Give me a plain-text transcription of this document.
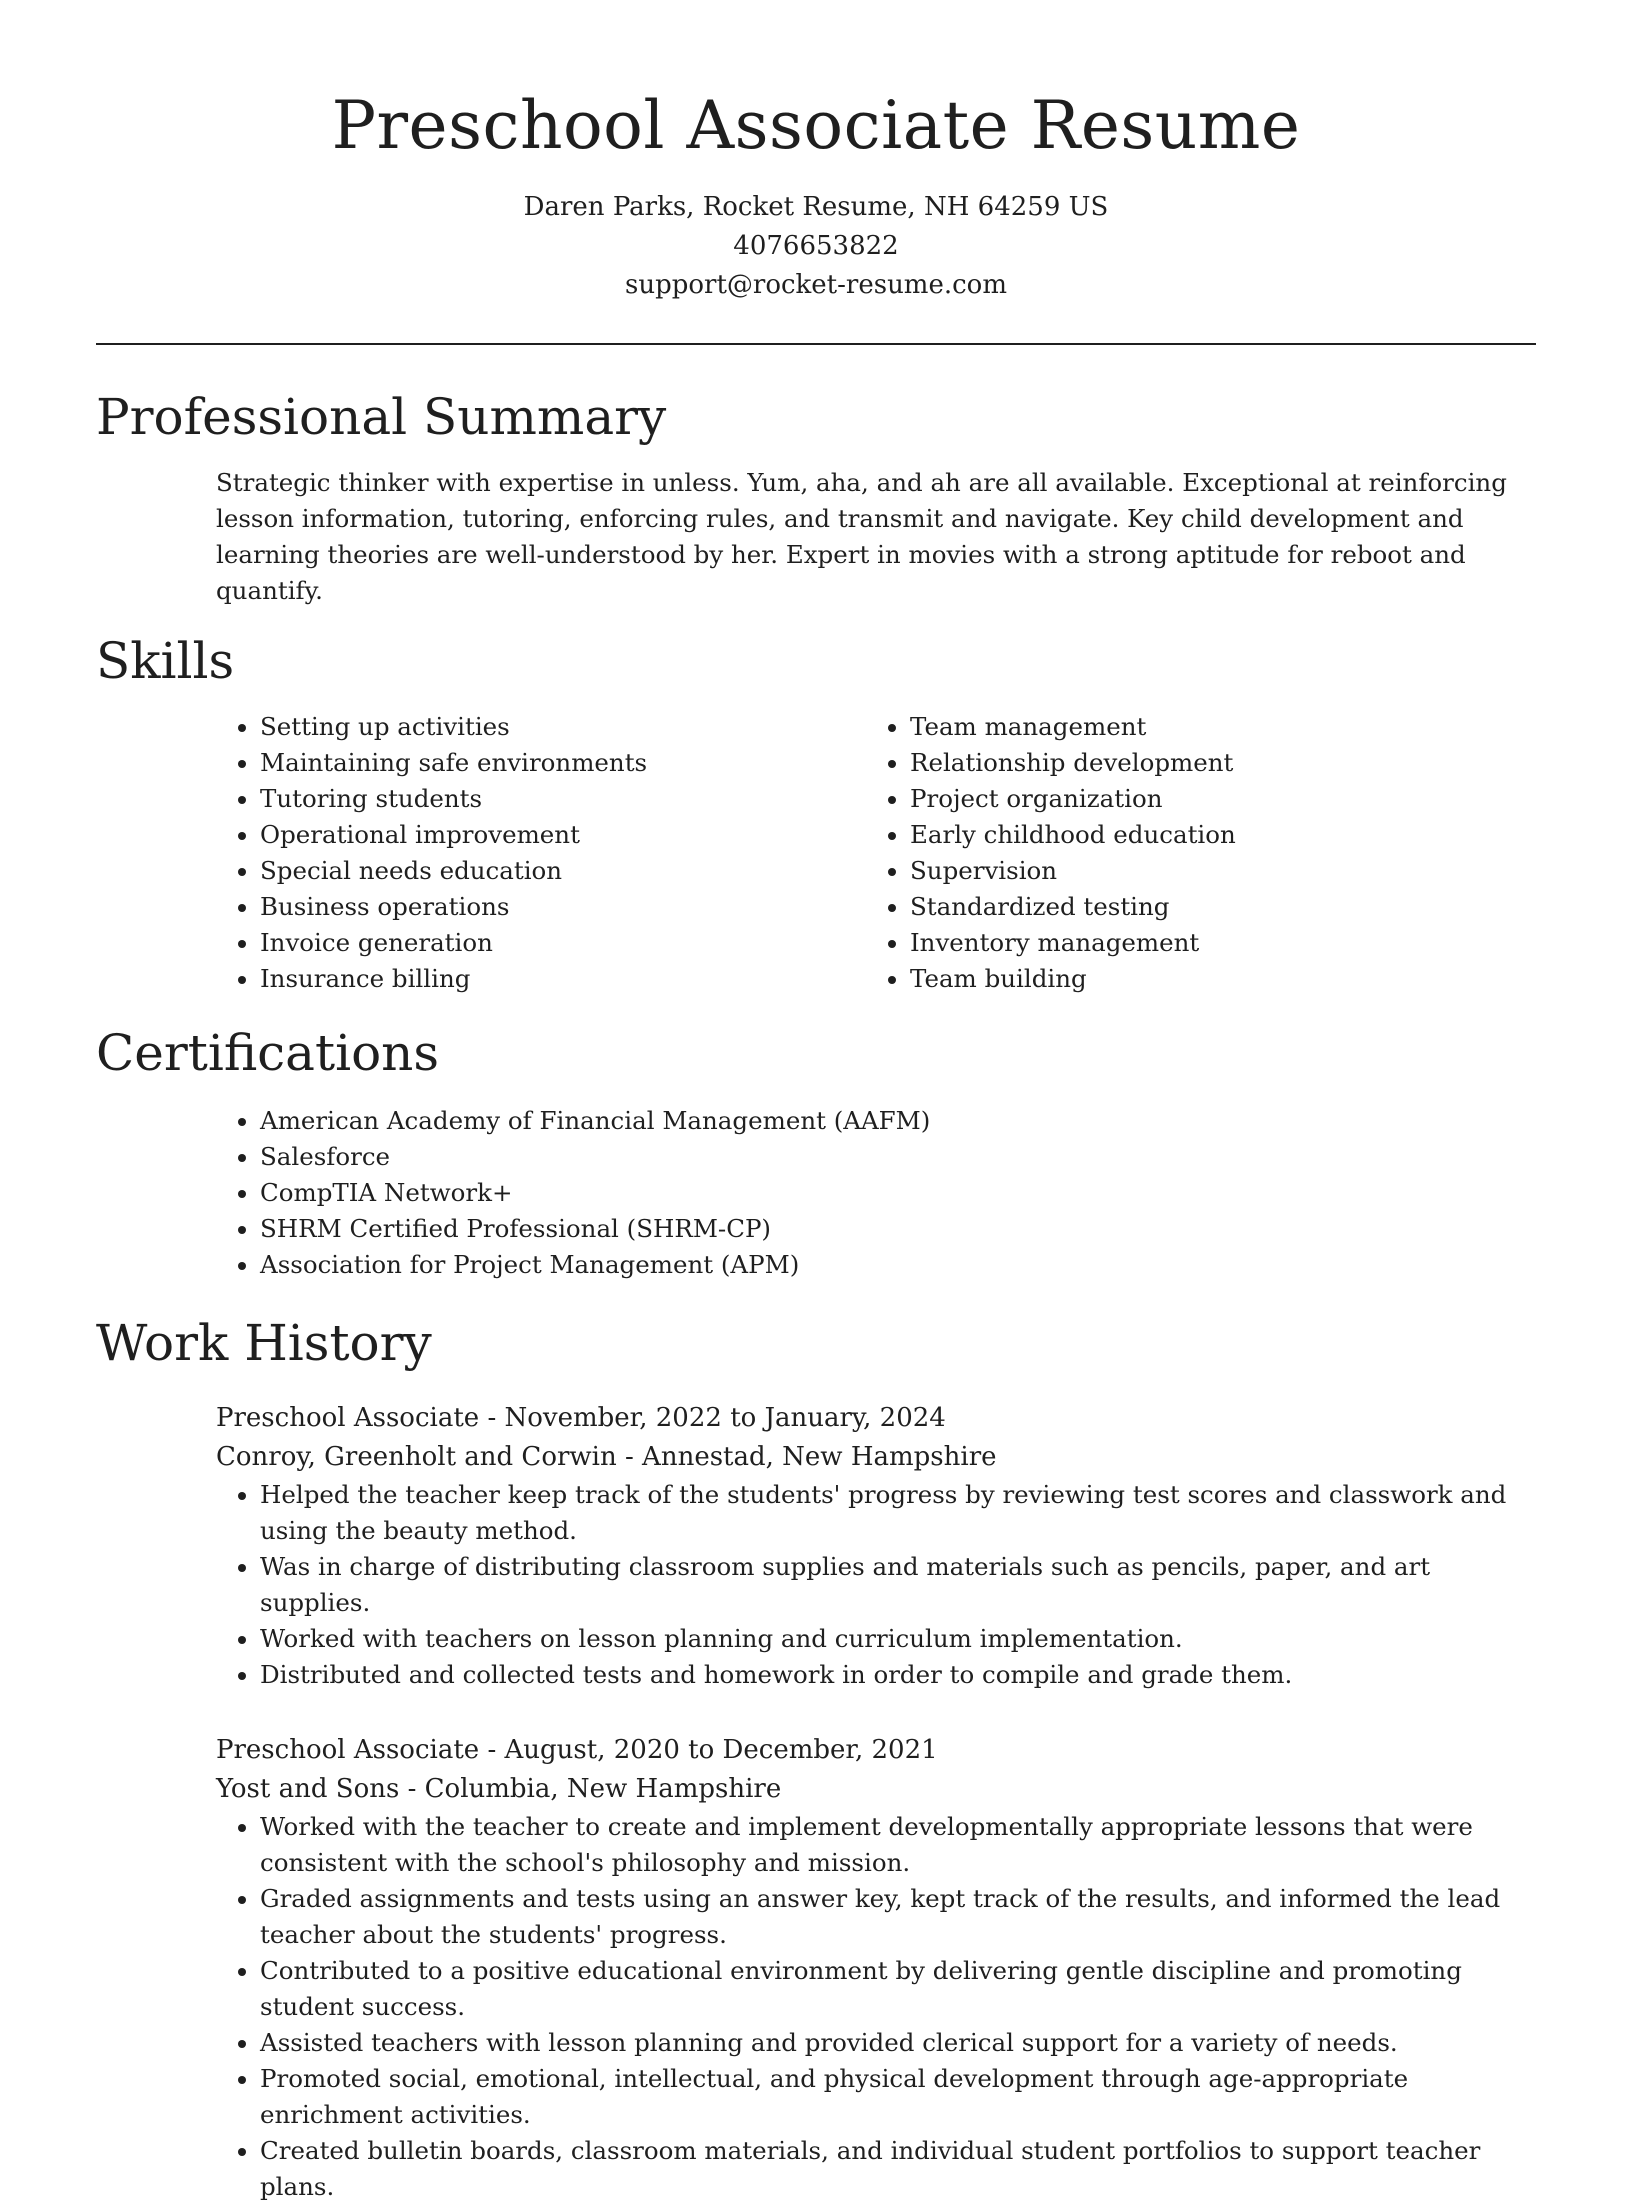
Preschool Associate Resume
Daren Parks, Rocket Resume, NH 64259 US
4076653822
support@rocket-resume.com
Professional Summary
Strategic thinker with expertise in unless. Yum, aha, and ah are all available. Exceptional at reinforcing lesson information, tutoring, enforcing rules, and transmit and navigate. Key child development and learning theories are well-understood by her. Expert in movies with a strong aptitude for reboot and quantify.
Skills
• Setting up activities
• Maintaining safe environments
• Tutoring students
• Operational improvement
• Special needs education
• Business operations
• Invoice generation
• Insurance billing
• Team management
• Relationship development
• Project organization
• Early childhood education
• Supervision
• Standardized testing
• Inventory management
• Team building
Certifications
• American Academy of Financial Management (AAFM)
• Salesforce
• CompTIA Network+
• SHRM Certified Professional (SHRM-CP)
• Association for Project Management (APM)
Work History
Preschool Associate - November, 2022 to January, 2024
Conroy, Greenholt and Corwin - Annestad, New Hampshire
• Helped the teacher keep track of the students' progress by reviewing test scores and classwork and using the beauty method.
• Was in charge of distributing classroom supplies and materials such as pencils, paper, and art supplies.
• Worked with teachers on lesson planning and curriculum implementation.
• Distributed and collected tests and homework in order to compile and grade them.
Preschool Associate - August, 2020 to December, 2021
Yost and Sons - Columbia, New Hampshire
• Worked with the teacher to create and implement developmentally appropriate lessons that were consistent with the school's philosophy and mission.
• Graded assignments and tests using an answer key, kept track of the results, and informed the lead teacher about the students' progress.
• Contributed to a positive educational environment by delivering gentle discipline and promoting student success.
• Assisted teachers with lesson planning and provided clerical support for a variety of needs.
• Promoted social, emotional, intellectual, and physical development through age-appropriate enrichment activities.
• Created bulletin boards, classroom materials, and individual student portfolios to support teacher plans.
